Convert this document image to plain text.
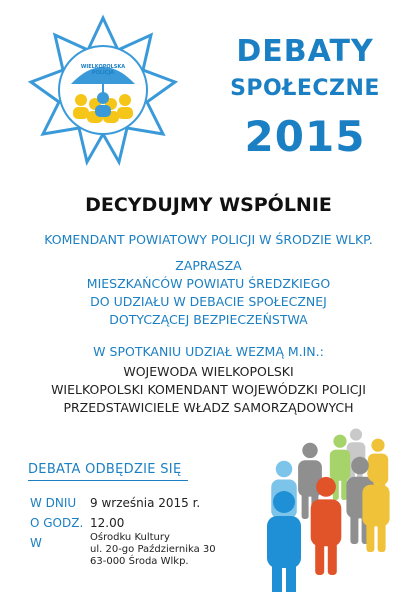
WIELKOPOLSKA POLICJA
DEBATY
SPOŁECZNE
2015
DECYDUJMY WSPÓLNIE
KOMENDANT POWIATOWY POLICJI W ŚRODZIE WLKP.
ZAPRASZA
MIESZKAŃCÓW POWIATU ŚREDZKIEGO
DO UDZIAŁU W DEBACIE SPOŁECZNEJ
DOTYCZĄCEJ BEZPIECZEŃSTWA
W SPOTKANIU UDZIAŁ WEZMĄ M.IN.:
WOJEWODA WIELKOPOLSKI
WIELKOPOLSKI KOMENDANT WOJEWÓDZKI POLICJI
PRZEDSTAWICIELE WŁADZ SAMORZĄDOWYCH
DEBATA ODBĘDZIE SIĘ
W DNIU 9 września 2015 r.
O GODZ. 12.00
W	Ośrodku Kultury
ul. 20-go Października 30
63-000 Środa Wlkp.
